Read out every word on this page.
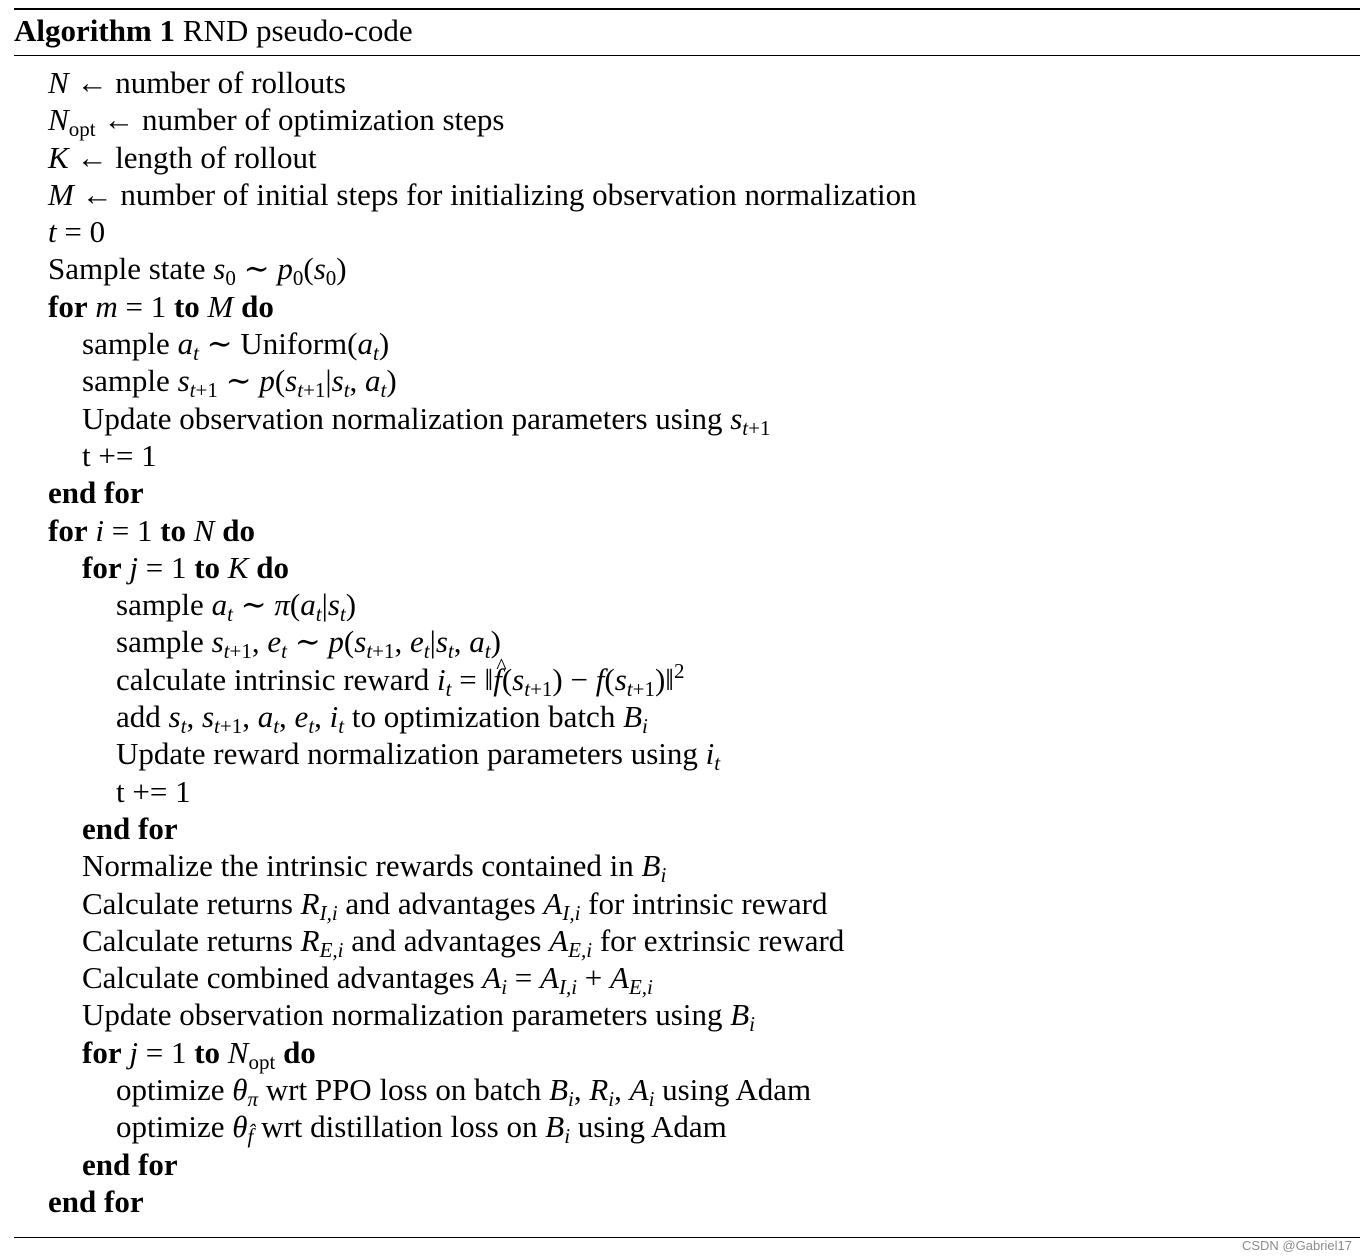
Algorithm 1 RND pseudo-code
N ← number of rollouts
$N_{opt}$ ← number of optimization steps
K ← length of rollout
M ← number of initial steps for initializing observation normalization
t = 0
Sample state $s_0$ ∼ $p_0(s_0)$
for m = 1 to M do
sample $a_t$ ∼ $Uniform(a_t)$
sample $s_{t+1}$ ∼ $p(s_{t+1}|s_t$, $a_t$)
Update observation normalization parameters using $s_{t+1}$
t += 1
end for
for i = 1 to N do
for j = 1 to K do
sample $a_t$ ∼ $\pi(a_t|s_t)$
sample $s_{t+1}$, $e_t$ ∼ $p(s_{t+1}$, $e_t|s_t$, $a_t$)
calculate intrinsic reward $i_t$ = ‖^ $f(s_{t+1})$ − $f(s_{t+1})‖^2$
add $s_t$, $s_{t+1}$, $a_t$, $e_t$, $i_t$ to optimization batch $B_i$
Update reward normalization parameters using $i_t$
t += 1
end for
Normalize the intrinsic rewards contained in $B_i$
Calculate returns $R_{I,i}$ and advantages $A_{I,i}$ for intrinsic reward
Calculate returns $R_{E,i}$ and advantages $A_{E,i}$ for extrinsic reward
Calculate combined advantages $A_i = A_{I,i} + A_{E,i}$
Update observation normalization parameters using $B_i$
for j = 1 to $N_{opt}$ do
optimize $\theta_\pi$ wrt PPO loss on batch $B_i$, $R_i$, $A_i$ using Adam
optimize $\theta_{f̂}$ wrt distillation loss on $B_i$ using Adam
end for
end for
CSDN @Gabriel17
